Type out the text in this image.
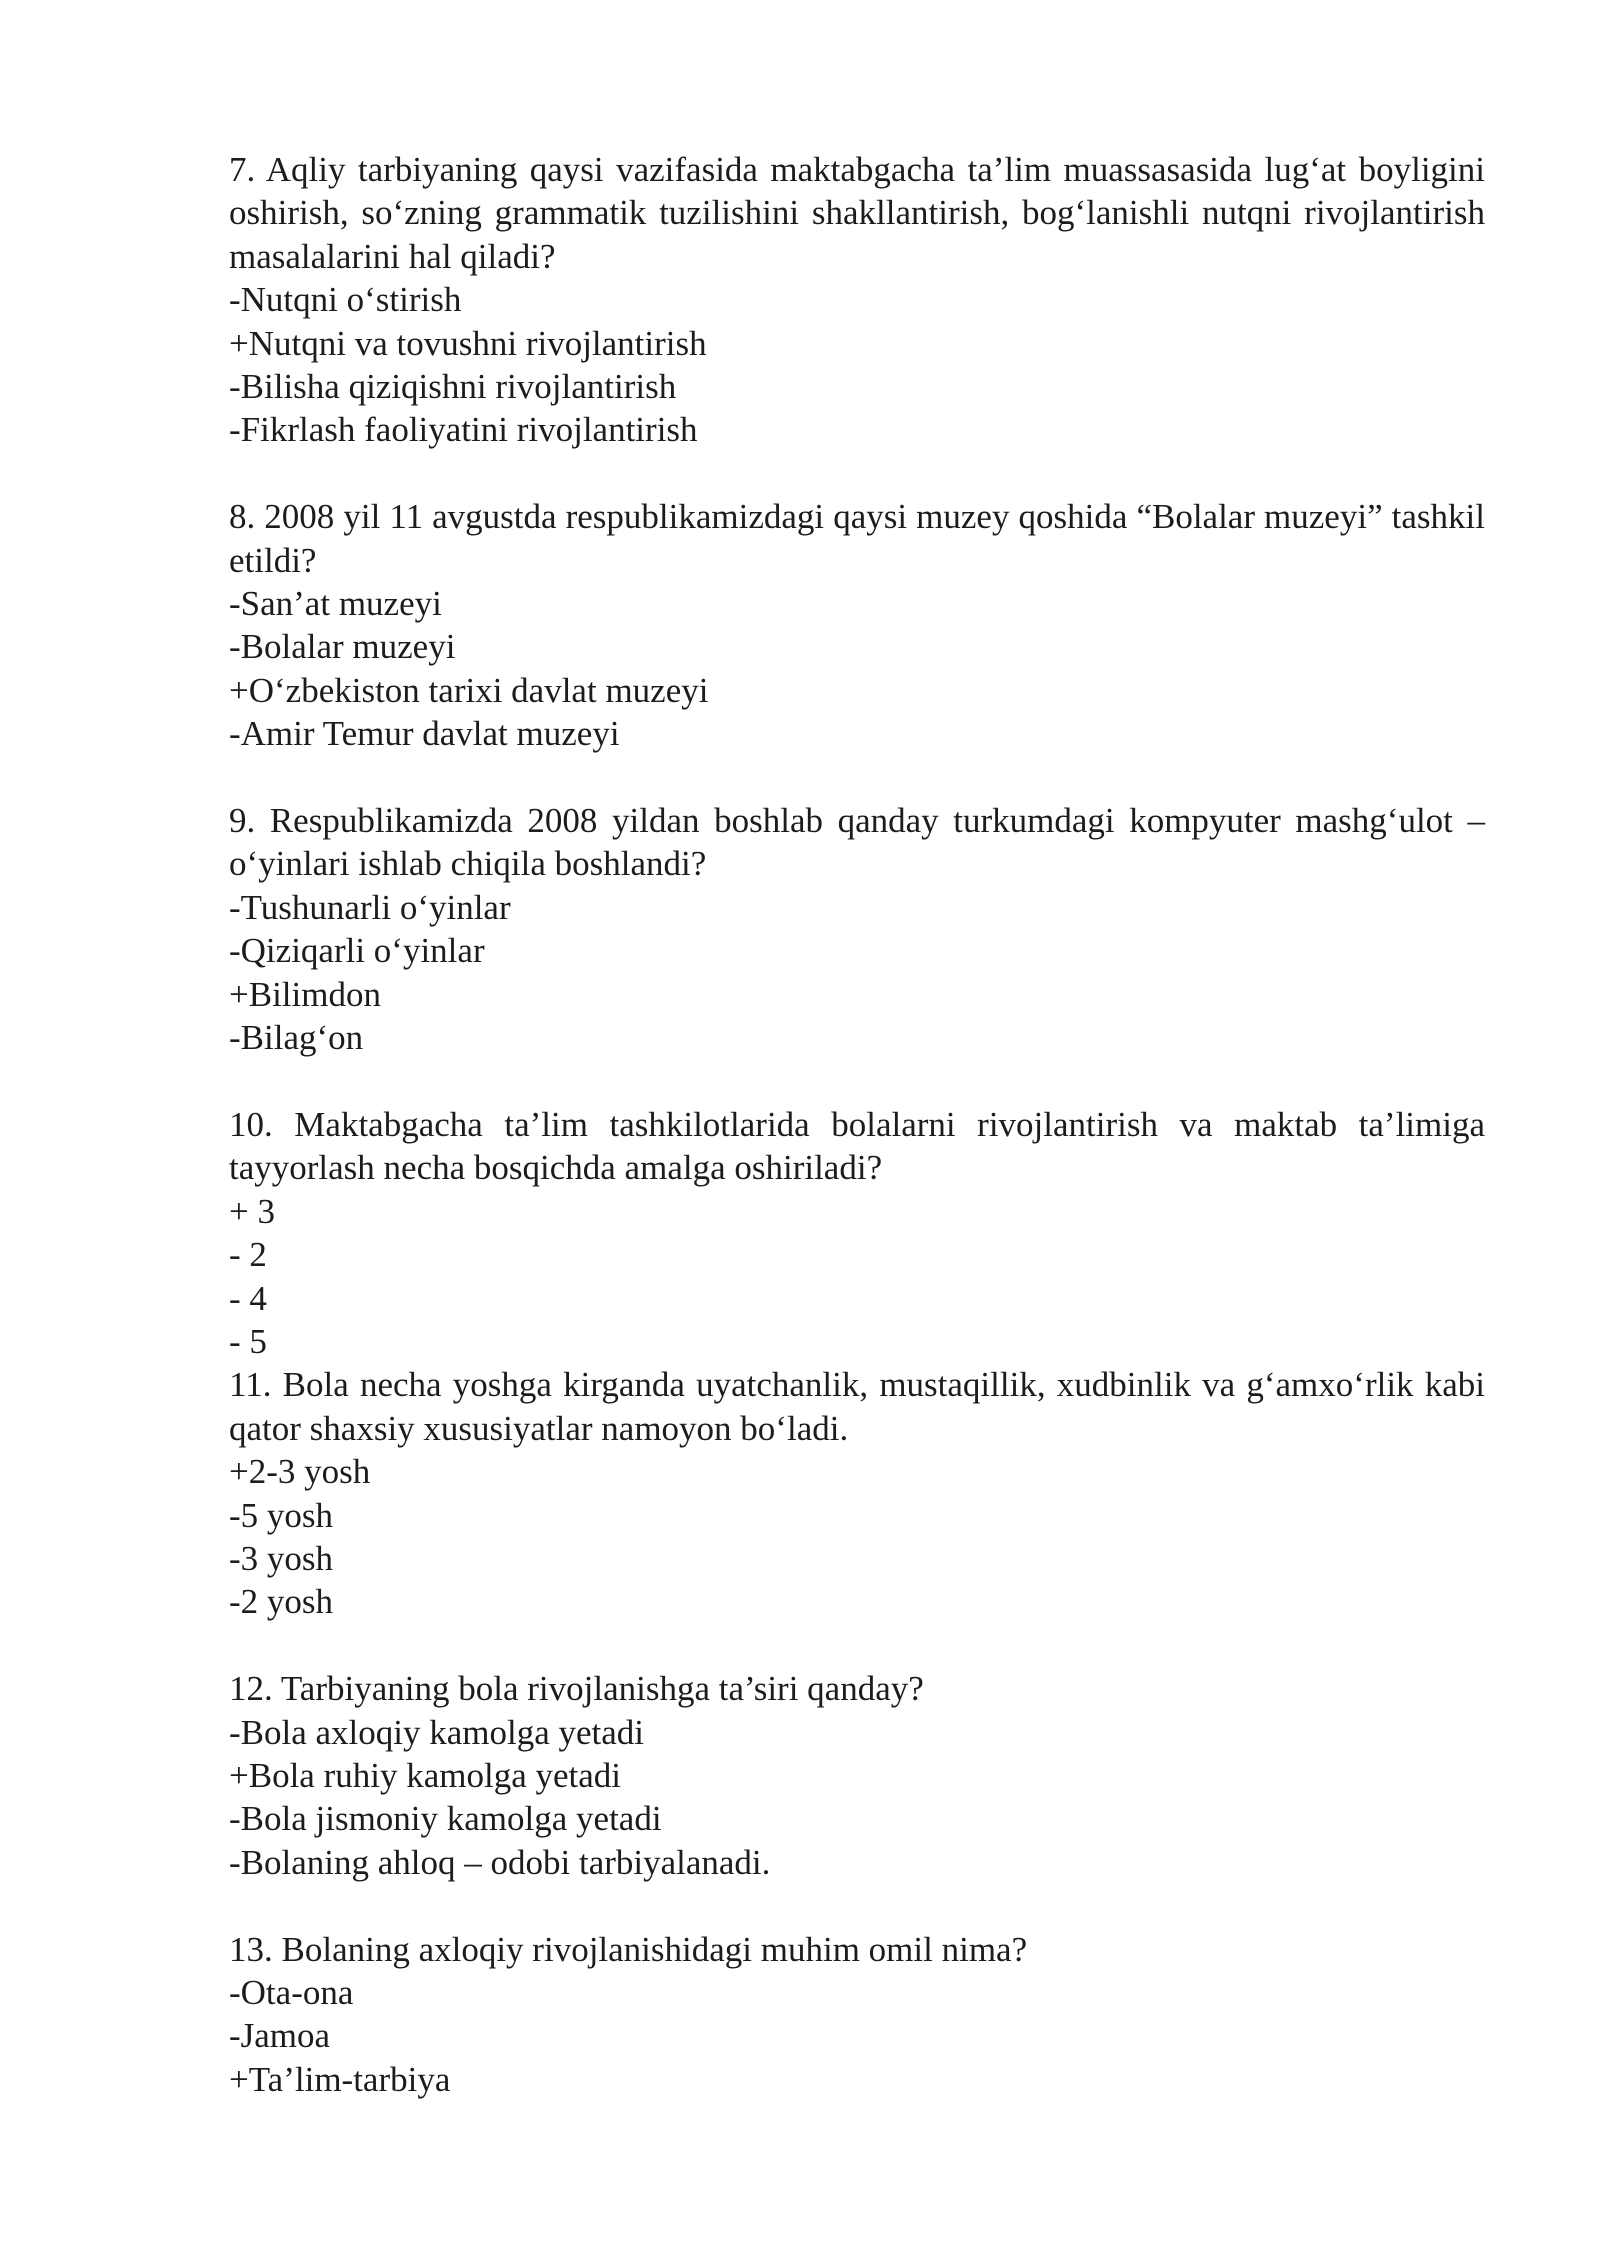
7. Aqliy tarbiyaning qaysi vazifasida maktabgacha ta’lim muassasasida lug‘at boyligini oshirish, so‘zning grammatik tuzilishini shakllantirish, bog‘lanishli nutqni rivojlantirish masalalarini hal qiladi?

-Nutqni o‘stirish

+Nutqni va tovushni rivojlantirish

-Bilisha qiziqishni rivojlantirish

-Fikrlash faoliyatini rivojlantirish

8. 2008 yil 11 avgustda respublikamizdagi qaysi muzey qoshida “Bolalar muzeyi” tashkil etildi?

-San’at muzeyi

-Bolalar muzeyi

+O‘zbekiston tarixi davlat muzeyi

-Amir Temur davlat muzeyi

9. Respublikamizda 2008 yildan boshlab qanday turkumdagi kompyuter mashg‘ulot – o‘yinlari ishlab chiqila boshlandi?

-Tushunarli o‘yinlar

-Qiziqarli o‘yinlar

+Bilimdon

-Bilag‘on

10. Maktabgacha ta’lim tashkilotlarida bolalarni rivojlantirish va maktab ta’limiga tayyorlash necha bosqichda amalga oshiriladi?

+ 3

- 2

- 4

- 5

11. Bola necha yoshga kirganda uyatchanlik, mustaqillik, xudbinlik va g‘amxo‘rlik kabi qator shaxsiy xususiyatlar namoyon bo‘ladi.

+2-3 yosh

-5 yosh

-3 yosh

-2 yosh

12. Tarbiyaning bola rivojlanishga ta’siri qanday?

-Bola axloqiy kamolga yetadi

+Bola ruhiy kamolga yetadi

-Bola jismoniy kamolga yetadi

-Bolaning ahloq – odobi tarbiyalanadi.

13. Bolaning axloqiy rivojlanishidagi muhim omil nima?

-Ota-ona

-Jamoa

+Ta’lim-tarbiya
